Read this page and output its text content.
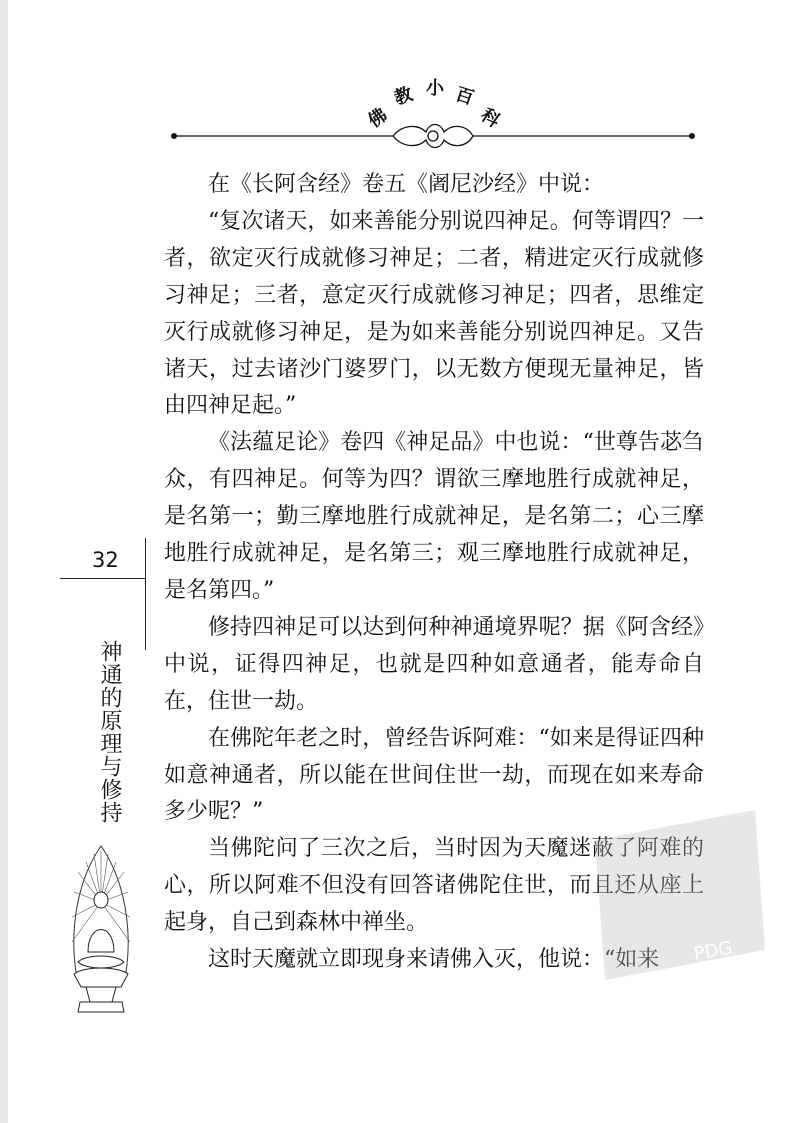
佛
教 小 百
科

在《长阿含经》卷五《阇尼沙经》中说：

“复次诸天，如来善能分别说四神足。何等谓四？一者，欲定灭行成就修习神足；二者，精进定灭行成就修习神足；三者，意定灭行成就修习神足；四者，思维定灭行成就修习神足，是为如来善能分别说四神足。又告诸天，过去诸沙门婆罗门，以无数方便现无量神足，皆由四神足起。”

《法蕴足论》卷四《神足品》中也说：“世尊告苾刍众，有四神足。何等为四？谓欲三摩地胜行成就神足，是名第一；勤三摩地胜行成就神足，是名第二；心三摩地胜行成就神足，是名第三；观三摩地胜行成就神足，是名第四。”

修持四神足可以达到何种神通境界呢？据《阿含经》中说，证得四神足，也就是四种如意通者，能寿命自在，住世一劫。

在佛陀年老之时，曾经告诉阿难：“如来是得证四种如意神通者，所以能在世间住世一劫，而现在如来寿命多少呢？”

当佛陀问了三次之后，当时因为天魔迷蔽了阿难的心，所以阿难不但没有回答诸佛陀住世，而且还从座上起身，自己到森林中禅坐。

这时天魔就立即现身来请佛入灭，他说：“如来

32
神通的原理与修持
PDG
